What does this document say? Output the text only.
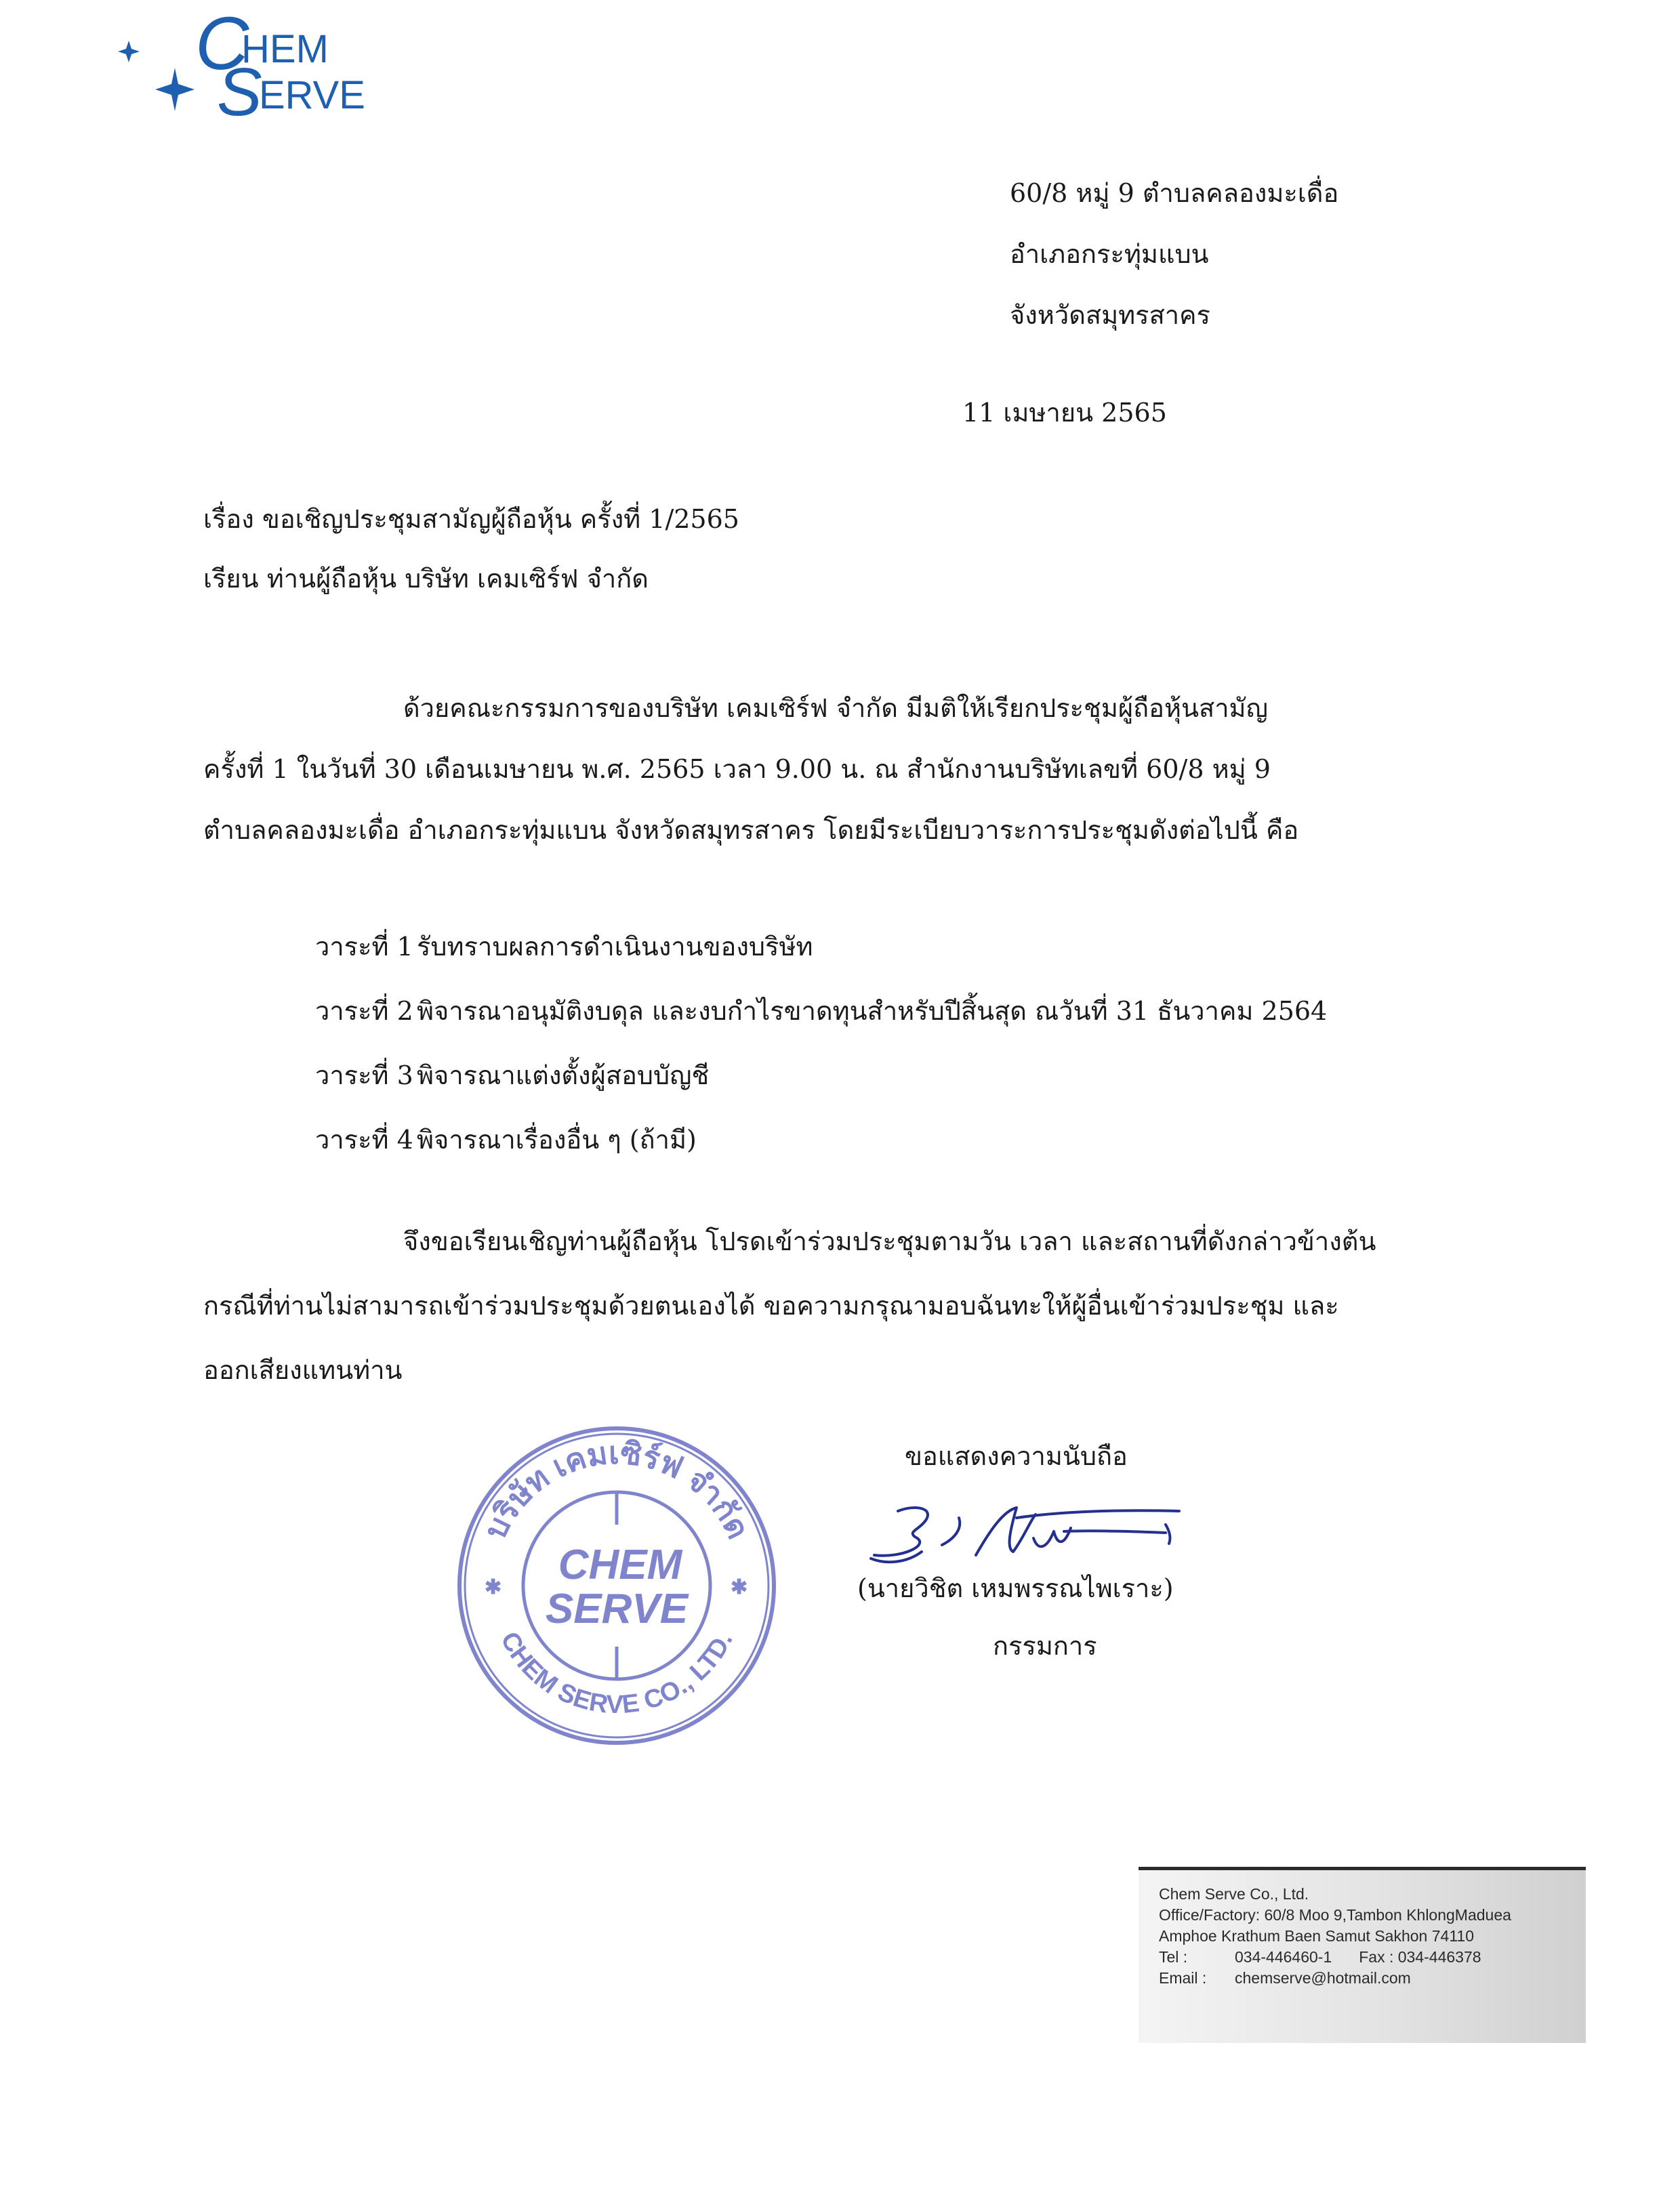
C
HEM
S
ERVE
60/8 หมู่ 9 ตำบลคลองมะเดื่อ
อำเภอกระทุ่มแบน
จังหวัดสมุทรสาคร
11 เมษายน 2565
เรื่อง ขอเชิญประชุมสามัญผู้ถือหุ้น ครั้งที่ 1/2565
เรียน ท่านผู้ถือหุ้น บริษัท เคมเซิร์ฟ จำกัด
ด้วยคณะกรรมการของบริษัท เคมเซิร์ฟ จำกัด มีมติให้เรียกประชุมผู้ถือหุ้นสามัญ
ครั้งที่ 1 ในวันที่ 30 เดือนเมษายน พ.ศ. 2565 เวลา 9.00 น. ณ สำนักงานบริษัทเลขที่ 60/8 หมู่ 9
ตำบลคลองมะเดื่อ อำเภอกระทุ่มแบน จังหวัดสมุทรสาคร โดยมีระเบียบวาระการประชุมดังต่อไปนี้ คือ
วาระที่ 1 รับทราบผลการดำเนินงานของบริษัท
วาระที่ 2 พิจารณาอนุมัติงบดุล และงบกำไรขาดทุนสำหรับปีสิ้นสุด ณวันที่ 31 ธันวาคม 2564
วาระที่ 3 พิจารณาแต่งตั้งผู้สอบบัญชี
วาระที่ 4 พิจารณาเรื่องอื่น ๆ (ถ้ามี)
จึงขอเรียนเชิญท่านผู้ถือหุ้น โปรดเข้าร่วมประชุมตามวัน เวลา และสถานที่ดังกล่าวข้างต้น
กรณีที่ท่านไม่สามารถเข้าร่วมประชุมด้วยตนเองได้ ขอความกรุณามอบฉันทะให้ผู้อื่นเข้าร่วมประชุม และ
ออกเสียงแทนท่าน
บริษัท เคมเซิร์ฟ จำกัด
CHEM SERVE CO., LTD.
CHEM
SERVE
✱	✱
ขอแสดงความนับถือ
(นายวิชิต เหมพรรณไพเราะ)
กรรมการ
Chem Serve Co., Ltd.
Office/Factory: 60/8 Moo 9,Tambon KhlongMaduea
Amphoe Krathum Baen Samut Sakhon 74110
Tel :	034-446460-1 Fax : 034-446378
Email : chemserve@hotmail.com
